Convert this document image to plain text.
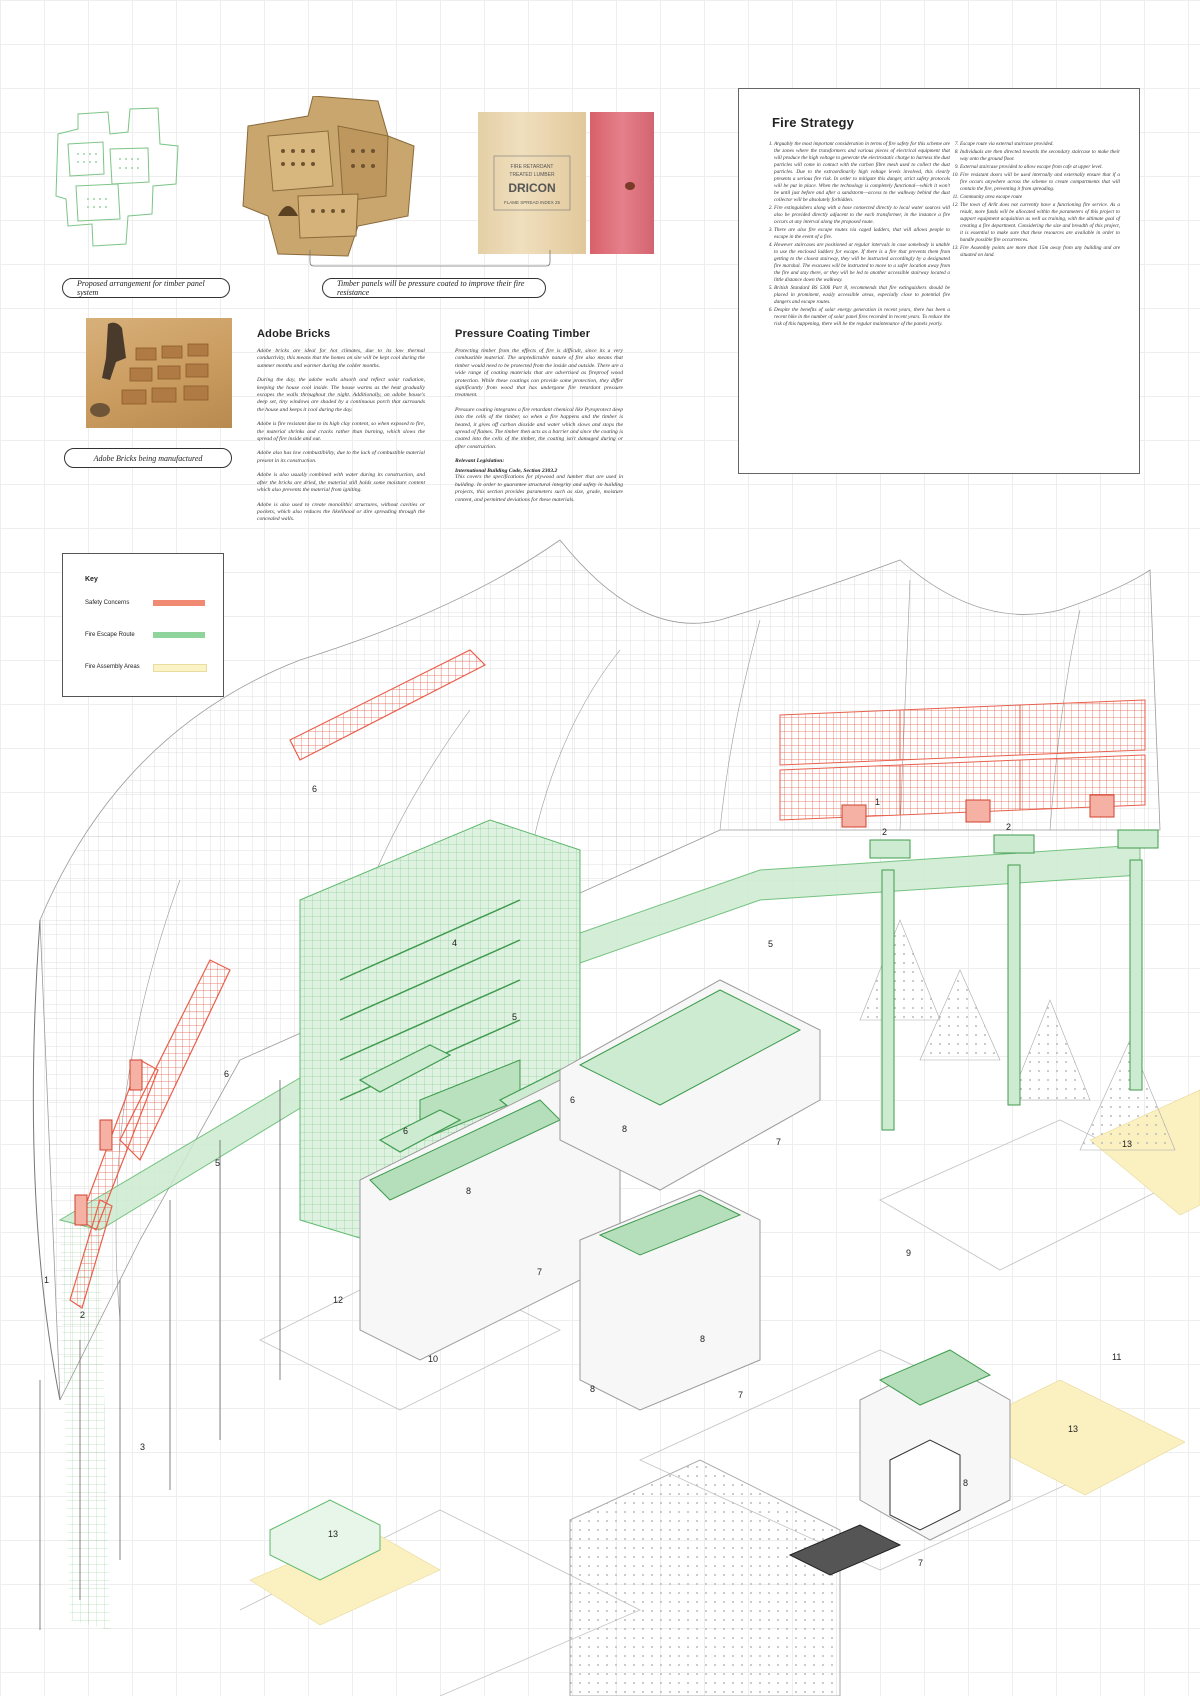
FIRE RETARDANT
TREATED LUMBER
DRICON
FLAME SPREAD INDEX 25
Proposed arrangement for timber panel system
Timber panels will be pressure coated to improve their fire resistance
Adobe Bricks being manufactured
Adobe Bricks

Adobe bricks are ideal for hot climates, due to its low thermal conductivity, this means that the homes on site will be kept cool during the summer months and warmer during the colder months.

During the day, the adobe walls absorb and reflect solar radiation, keeping the house cool inside. The house warms as the heat gradually escapes the walls throughout the night. Additionally, an adobe house's deep set, tiny windows are shaded by a continuous porch that surrounds the house and keeps it cool during the day.

Adobe is fire resistant due to its high clay content, so when exposed to fire, the material shrinks and cracks rather than burning, which slows the spread of fire inside and out.

Adobe also has low combustibility, due to the lack of combustible material present in its construction.

Adobe is also usually combined with water during its construction, and after the bricks are dried, the material still holds some moisture content which also prevents the material from igniting.

Adobe is also used to create monolithic structures, without cavities or pockets, which also reduces the likelihood or dire spreading through the concealed walls.

Pressure Coating Timber

Protecting timber from the effects of fire is difficult, since its a very combustible material. The unpredictable nature of fire also means that timber would need to be protected from the inside and outside. There are a wide range of coating materials that are advertised as fireproof wood protection. While these coatings can provide some protection, they differ significantly from wood that has undergone fire retardant pressure treatment.

Pressure coating integrates a fire retardant chemical like Pyroprotect deep into the cells of the timber, so when a fire happens and the timber is heated, it gives off carbon dioxide and water which slows and stops the spread of flames. The timber then acts as a barrier and since the coating is coated into the cells of the timber, the coating isn't damaged during or after construction.

Relevant Legislation:
International Building Code, Section 2303.2

This covers the specifications for plywood and lumber that are used in building. In order to guarantee structural integrity and safety in building projects, this section provides parameters such as size, grade, moisture content, and permitted deviations for these materials.

Fire Strategy
1. Arguably the most important consideration in terms of fire safety for this scheme are the zones where the transformers and various pieces of electrical equipment that will produce the high voltage to generate the electrostatic charge to harness the dust particles will come in contact with the carbon fibre mesh used to collect the dust particles. Due to the extraordinarily high voltage levels involved, this clearly presents a serious fire risk. In order to mitigate this danger, strict safety protocols will be put in place. When the technology is completely functional—which it won't be until just before and after a sandstorm—access to the walkway behind the dust collector will be absolutely forbidden.
2. Fire extinguishers along with a hose connected directly to local water sources will also be provided directly adjacent to the each transformer, in the instance a fire occurs at any interval along the proposed route.
3. There are also fire escape routes via caged ladders, that will allows people to escape in the event of a fire.
4. However staircases are positioned at regular intervals in case somebody is unable to use the enclosed ladders for escape. If there is a fire that prevents them from getting to the closest stairway, they will be instructed accordingly by a designated fire marshal. The evacuees will be instructed to move to a safer location away from the fire and stay there, or they will be led to another accessible stairway located a little distance down the walkway.
5. British Standard BS 5306 Part 8, recommends that fire extinguishers should be placed in prominent, easily accessible areas, especially close to potential fire dangers and escape routes.
6. Despite the benefits of solar energy generation in recent years, there has been a recent hike in the number of solar panel fires recorded in recent years. To reduce the risk of this happening, there will be the regular maintenance of the panels yearly.
7. Escape route via external staircase provided.
8. Individuals are then directed towards the secondary staircase to make their way onto the ground floor.
9. External staircase provided to allow escape from cafe at upper level.
10. Fire resistant doors will be used internally and externally ensure that if a fire occurs anywhere across the scheme to create compartments that will contain the fire, preventing it from spreading.
11. Community area escape route
12. The town of Arlit does not currently have a functioning fire service. As a result, more funds will be allocated within the parameters of this project to support equipment acquisition as well as training, with the ultimate goal of creating a fire department. Considering the size and breadth of this project, it is essential to make sure that these resources are available in order to handle possible fire occurrences.
13. Fire Assembly points are more than 15m away from any building and are situated on land.
Key
Safety Concerns
Fire Escape Route
Fire Assembly Areas
1
2	2
1
2
3
4
5
5
5
6
6
6
6
7
7
7
7
8
8
8
8
8
9
10	11
12
13
13
13
